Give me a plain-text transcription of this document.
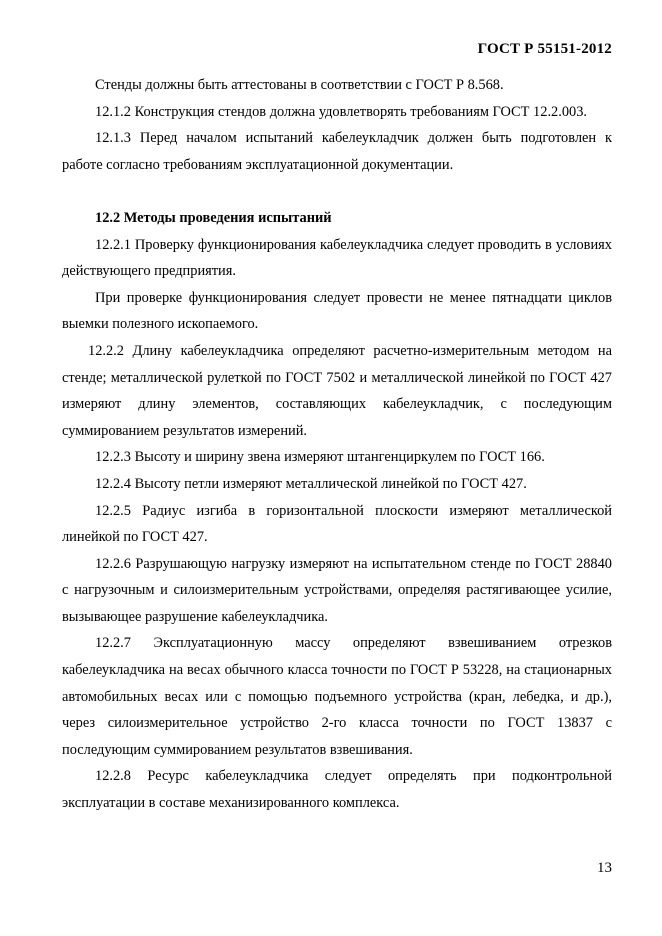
ГОСТ Р 55151-2012

Стенды должны быть аттестованы в соответствии с ГОСТ Р 8.568.

12.1.2 Конструкция стендов должна удовлетворять требованиям ГОСТ 12.2.003.

12.1.3 Перед началом испытаний кабелеукладчик должен быть подготовлен к работе согласно требованиям эксплуатационной документации.

12.2 Методы проведения испытаний

12.2.1 Проверку функционирования кабелеукладчика следует проводить в условиях действующего предприятия.

При проверке функционирования следует провести не менее пятнадцати циклов выемки полезного ископаемого.

12.2.2 Длину кабелеукладчика определяют расчетно-измерительным методом на стенде; металлической рулеткой по ГОСТ 7502 и металлической линейкой по ГОСТ 427 измеряют длину элементов, составляющих кабелеукладчик, с последующим суммированием результатов измерений.

12.2.3 Высоту и ширину звена измеряют штангенциркулем по ГОСТ 166.

12.2.4 Высоту петли измеряют металлической линейкой по ГОСТ 427.

12.2.5 Радиус изгиба в горизонтальной плоскости измеряют металлической линейкой по ГОСТ 427.

12.2.6 Разрушающую нагрузку измеряют на испытательном стенде по ГОСТ 28840 с нагрузочным и силоизмерительным устройствами, определяя растягивающее усилие, вызывающее разрушение кабелеукладчика.

12.2.7 Эксплуатационную массу определяют взвешиванием отрезков кабелеукладчика на весах обычного класса точности по ГОСТ Р 53228, на стационарных автомобильных весах или с помощью подъемного устройства (кран, лебедка, и др.), через силоизмерительное устройство 2-го класса точности по ГОСТ 13837 с последующим суммированием результатов взвешивания.

12.2.8 Ресурс кабелеукладчика следует определять при подконтрольной эксплуатации в составе механизированного комплекса.

13
